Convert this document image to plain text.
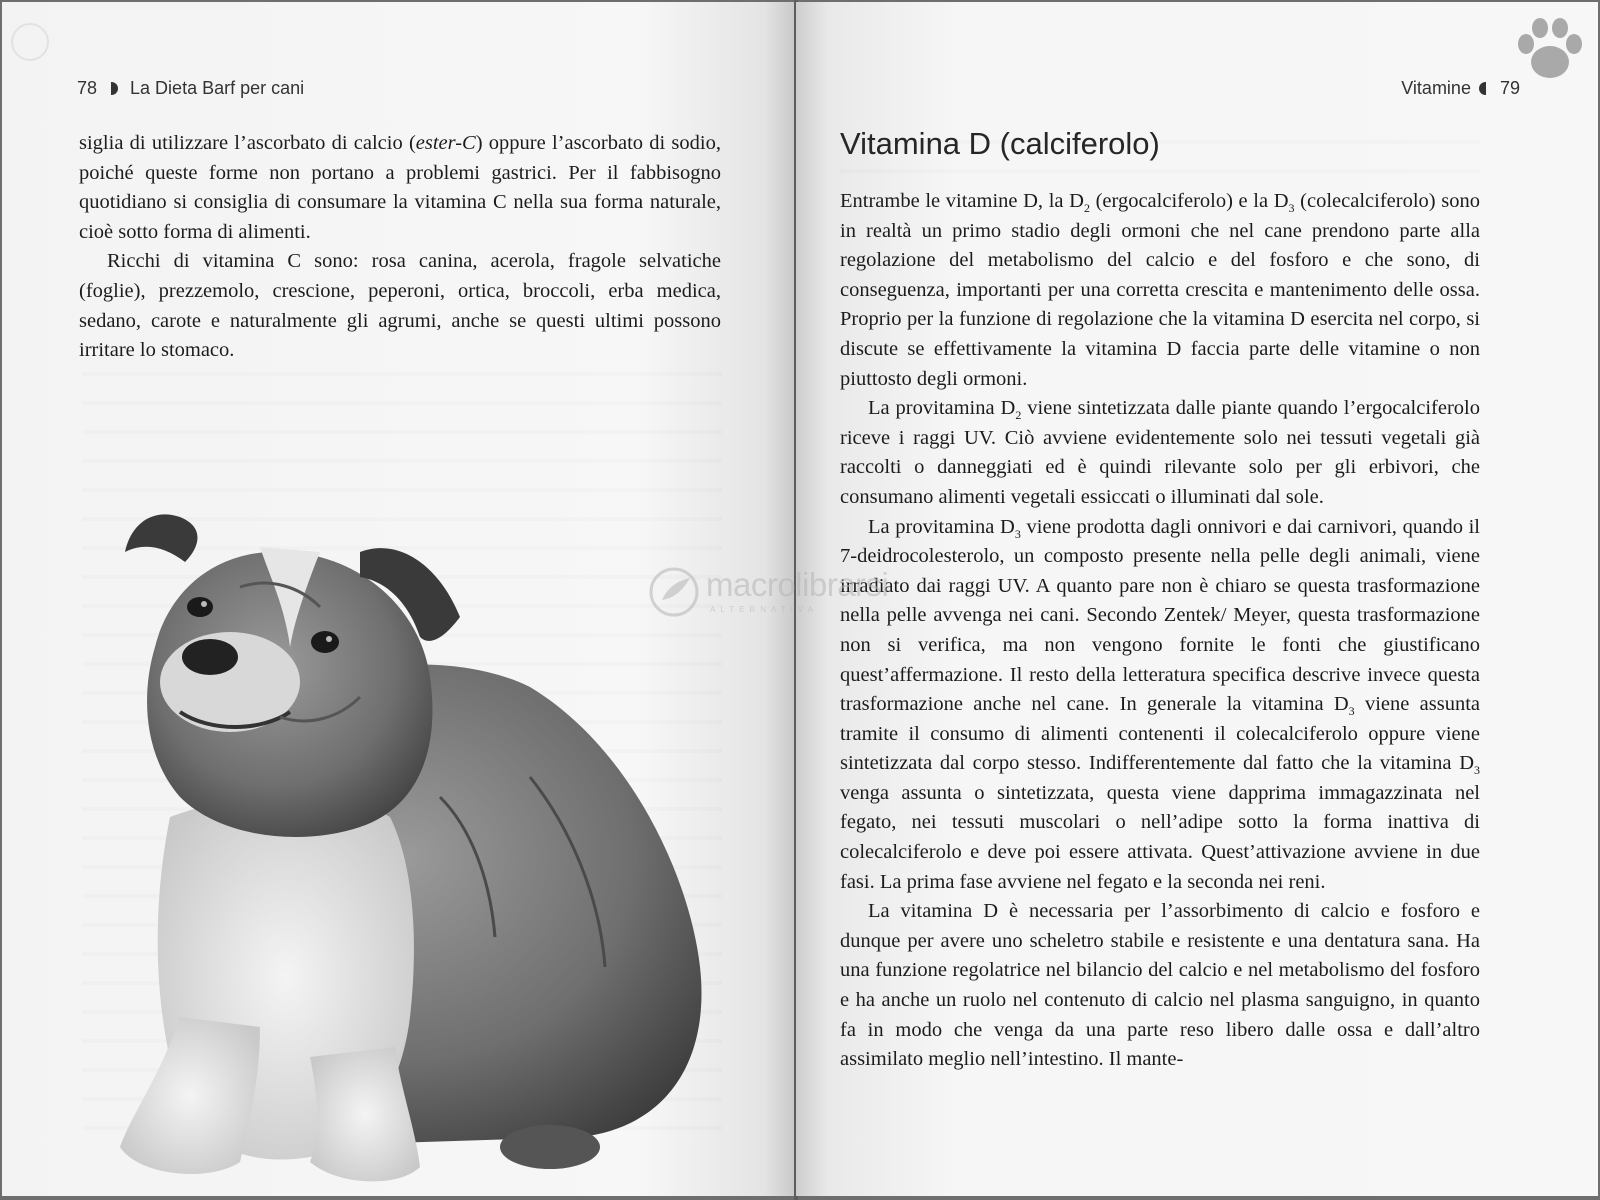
78 La Dieta Barf per cani

siglia di utilizzare l’ascorbato di calcio (ester-C) oppure l’ascorbato di sodio, poiché queste forme non portano a problemi gastrici. Per il fabbisogno quotidiano si consiglia di consumare la vitamina C nella sua forma naturale, cioè sotto forma di alimenti.

Ricchi di vitamina C sono: rosa canina, acerola, fragole selvatiche (foglie), prezzemolo, crescione, peperoni, ortica, broccoli, erba medica, sedano, carote e naturalmente gli agrumi, anche se questi ultimi possono irritare lo stomaco.

Vitamine 79
Vitamina D (calciferolo)

Entrambe le vitamine D, la $D_2$ (ergocalciferolo) e la $D_3$ (colecalciferolo) sono in realtà un primo stadio degli ormoni che nel cane prendono parte alla regolazione del metabolismo del calcio e del fosforo e che sono, di conseguenza, importanti per una corretta crescita e mantenimento delle ossa. Proprio per la funzione di regolazione che la vitamina D esercita nel corpo, si discute se effettivamente la vitamina D faccia parte delle vitamine o non piuttosto degli ormoni.

La provitamina $D_2$ viene sintetizzata dalle piante quando l’ergocalciferolo riceve i raggi UV. Ciò avviene evidentemente solo nei tessuti vegetali già raccolti o danneggiati ed è quindi rilevante solo per gli erbivori, che consumano alimenti vegetali essiccati o illuminati dal sole.

La provitamina $D_3$ viene prodotta dagli onnivori e dai carnivori, quando il 7-deidrocolesterolo, un composto presente nella pelle degli animali, viene irradiato dai raggi UV. A quanto pare non è chiaro se questa trasformazione nella pelle avvenga nei cani. Secondo Zentek/ Meyer, questa trasformazione non si verifica, ma non vengono fornite le fonti che giustificano quest’affermazione. Il resto della letteratura specifica descrive invece questa trasformazione anche nel cane. In generale la vitamina $D_3$ viene assunta tramite il consumo di alimenti contenenti il colecalciferolo oppure viene sintetizzata dal corpo stesso. Indifferentemente dal fatto che la vitamina $D_3$ venga assunta o sintetizzata, questa viene dapprima immagazzinata nel fegato, nei tessuti muscolari o nell’adipe sotto la forma inattiva di colecalciferolo e deve poi essere attivata. Quest’attivazione avviene in due fasi. La prima fase avviene nel fegato e la seconda nei reni.

La vitamina D è necessaria per l’assorbimento di calcio e fosforo e dunque per avere uno scheletro stabile e resistente e una dentatura sana. Ha una funzione regolatrice nel bilancio del calcio e nel metabolismo del fosforo e ha anche un ruolo nel contenuto di calcio nel plasma sanguigno, in quanto fa in modo che venga da una parte reso libero dalle ossa e dall’altro assimilato meglio nell’intestino. Il mante-

macrolibrarsi
ALTERNATIVA
